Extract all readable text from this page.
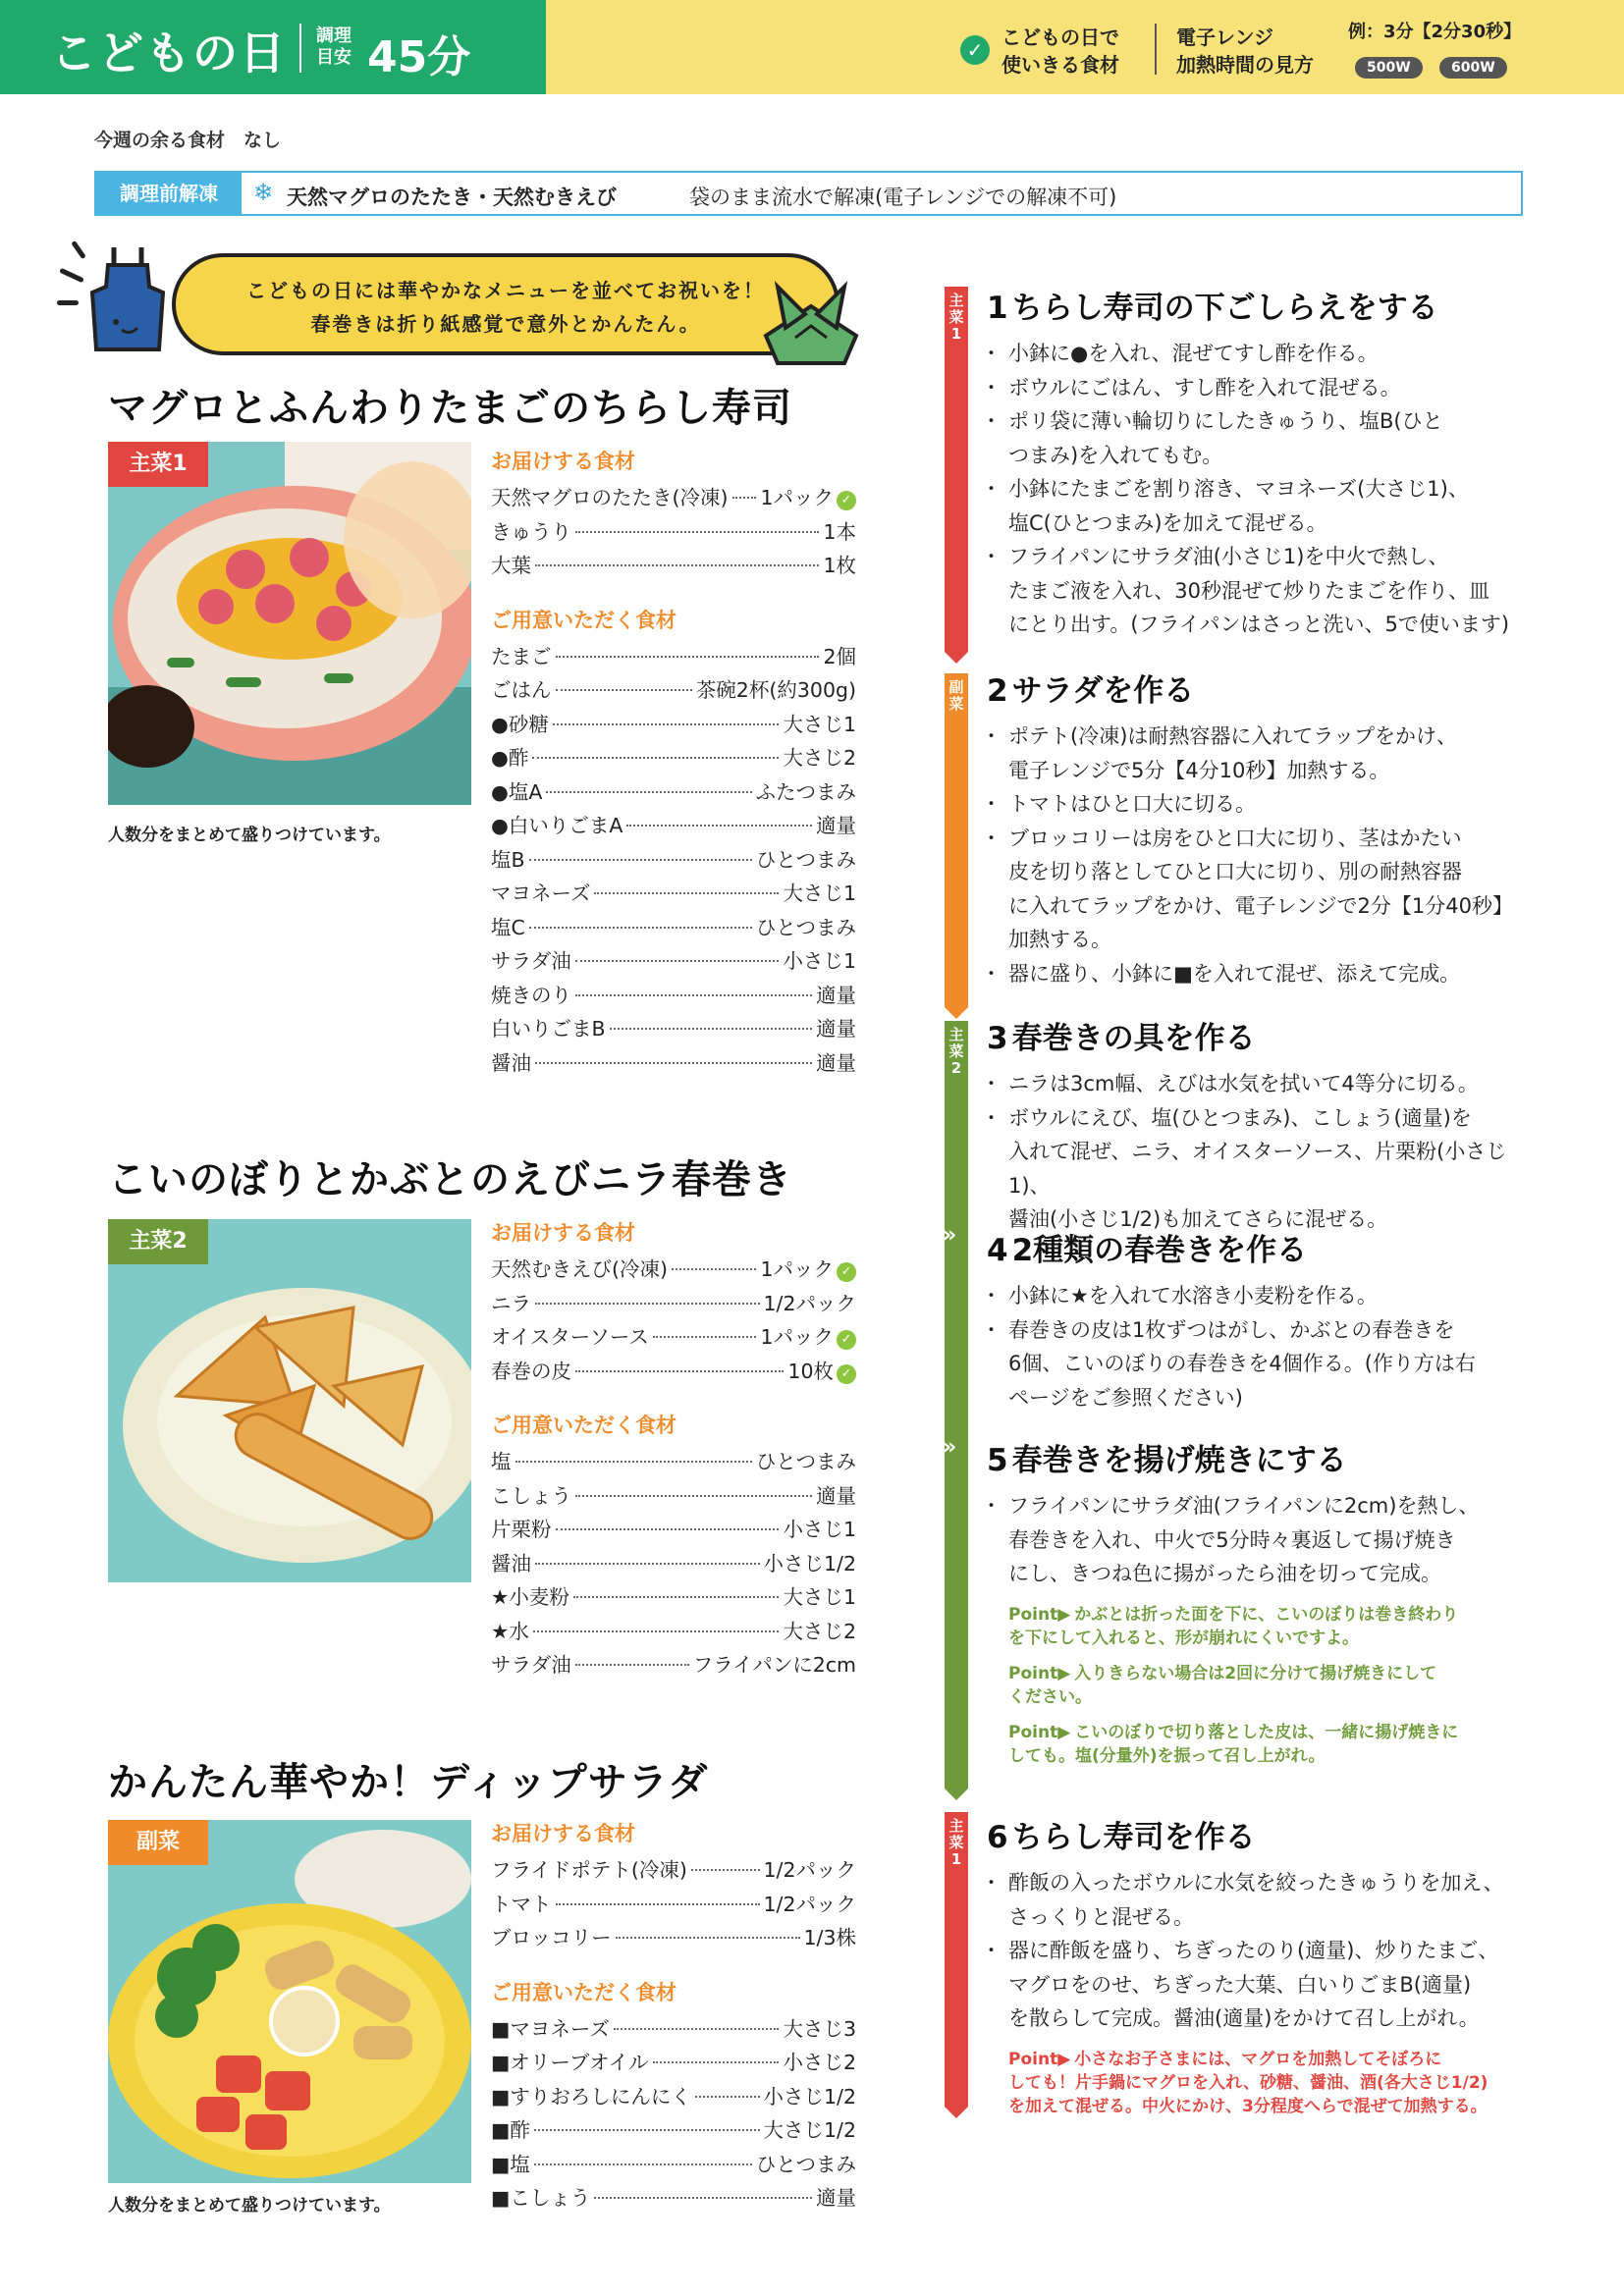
こどもの日 調理 目安 45分	✓
こどもの日で
使いきる食材
電子レンジ
加熱時間の見方
例：3分【2分30秒】
500W	600W
今週の余る食材　なし
調理前解凍	❄ 天然マグロのたたき・天然むきえび	袋のまま流水で解凍(電子レンジでの解凍不可)
こどもの日には華やかなメニューを並べてお祝いを！
春巻きは折り紙感覚で意外とかんたん。
マグロとふんわりたまごのちらし寿司
主菜1
人数分をまとめて盛りつけています。
お届けする食材
天然マグロのたたき(冷凍) 1パック ✓
きゅうり	1本
大葉	1枚
ご用意いただく食材
たまご	2個
ごはん	茶碗2杯(約300g)
●砂糖	大さじ1
●酢	大さじ2
●塩A	ふたつまみ
●白いりごまA	適量
塩B	ひとつまみ
マヨネーズ	大さじ1
塩C	ひとつまみ
サラダ油	小さじ1
焼きのり	適量
白いりごまB	適量
醤油	適量
こいのぼりとかぶとのえびニラ春巻き
主菜2	お届けする食材
天然むきえび(冷凍)	1パック ✓
ニラ	1/2パック
オイスターソース	1パック ✓
春巻の皮	10枚 ✓
ご用意いただく食材
塩	ひとつまみ
こしょう	適量
片栗粉	小さじ1
醤油	小さじ1/2
★小麦粉	大さじ1
★水	大さじ2
サラダ油	フライパンに2cm
かんたん華やか！ディップサラダ
副菜
人数分をまとめて盛りつけています。
お届けする食材
フライドポテト(冷凍)	1/2パック
トマト	1/2パック
ブロッコリー	1/3株
ご用意いただく食材
■マヨネーズ	大さじ3
■オリーブオイル	小さじ2
■すりおろしにんにく	小さじ1/2
■酢	大さじ1/2
■塩	ひとつまみ
■こしょう	適量
主
菜
1
副
菜
主
菜
2
»
»
主
菜
1
1 ちらし寿司の下ごしらえをする
・ 小鉢に●を入れ、混ぜてすし酢を作る。
・ ボウルにごはん、すし酢を入れて混ぜる。
・ ポリ袋に薄い輪切りにしたきゅうり、塩B(ひと
つまみ)を入れてもむ。
・ 小鉢にたまごを割り溶き、マヨネーズ(大さじ1)、
塩C(ひとつまみ)を加えて混ぜる。
・ フライパンにサラダ油(小さじ1)を中火で熱し、
たまご液を入れ、30秒混ぜて炒りたまごを作り、皿
にとり出す。(フライパンはさっと洗い、5で使います)
2 サラダを作る
・ ポテト(冷凍)は耐熱容器に入れてラップをかけ、
電子レンジで5分【4分10秒】加熱する。
・ トマトはひと口大に切る。
・ ブロッコリーは房をひと口大に切り、茎はかたい
皮を切り落としてひと口大に切り、別の耐熱容器
に入れてラップをかけ、電子レンジで2分【1分40秒】
加熱する。
・ 器に盛り、小鉢に■を入れて混ぜ、添えて完成。
3 春巻きの具を作る
・ ニラは3cm幅、えびは水気を拭いて4等分に切る。
・ ボウルにえび、塩(ひとつまみ)、こしょう(適量)を
入れて混ぜ、ニラ、オイスターソース、片栗粉(小さじ1)、
醤油(小さじ1/2)も加えてさらに混ぜる。
4 2種類の春巻きを作る
・ 小鉢に★を入れて水溶き小麦粉を作る。
・ 春巻きの皮は1枚ずつはがし、かぶとの春巻きを
6個、こいのぼりの春巻きを4個作る。(作り方は右
ページをご参照ください)
5 春巻きを揚げ焼きにする
・ フライパンにサラダ油(フライパンに2cm)を熱し、
春巻きを入れ、中火で5分時々裏返して揚げ焼き
にし、きつね色に揚がったら油を切って完成。
Point▶ かぶとは折った面を下に、こいのぼりは巻き終わり
を下にして入れると、形が崩れにくいですよ。
Point▶ 入りきらない場合は2回に分けて揚げ焼きにして
ください。
Point▶ こいのぼりで切り落とした皮は、一緒に揚げ焼きに
しても。塩(分量外)を振って召し上がれ。
6 ちらし寿司を作る
・ 酢飯の入ったボウルに水気を絞ったきゅうりを加え、
さっくりと混ぜる。
・ 器に酢飯を盛り、ちぎったのり(適量)、炒りたまご、
マグロをのせ、ちぎった大葉、白いりごまB(適量)
を散らして完成。醤油(適量)をかけて召し上がれ。
Point▶ 小さなお子さまには、マグロを加熱してそぼろに
しても！片手鍋にマグロを入れ、砂糖、醤油、酒(各大さじ1/2)
を加えて混ぜる。中火にかけ、3分程度へらで混ぜて加熱する。
